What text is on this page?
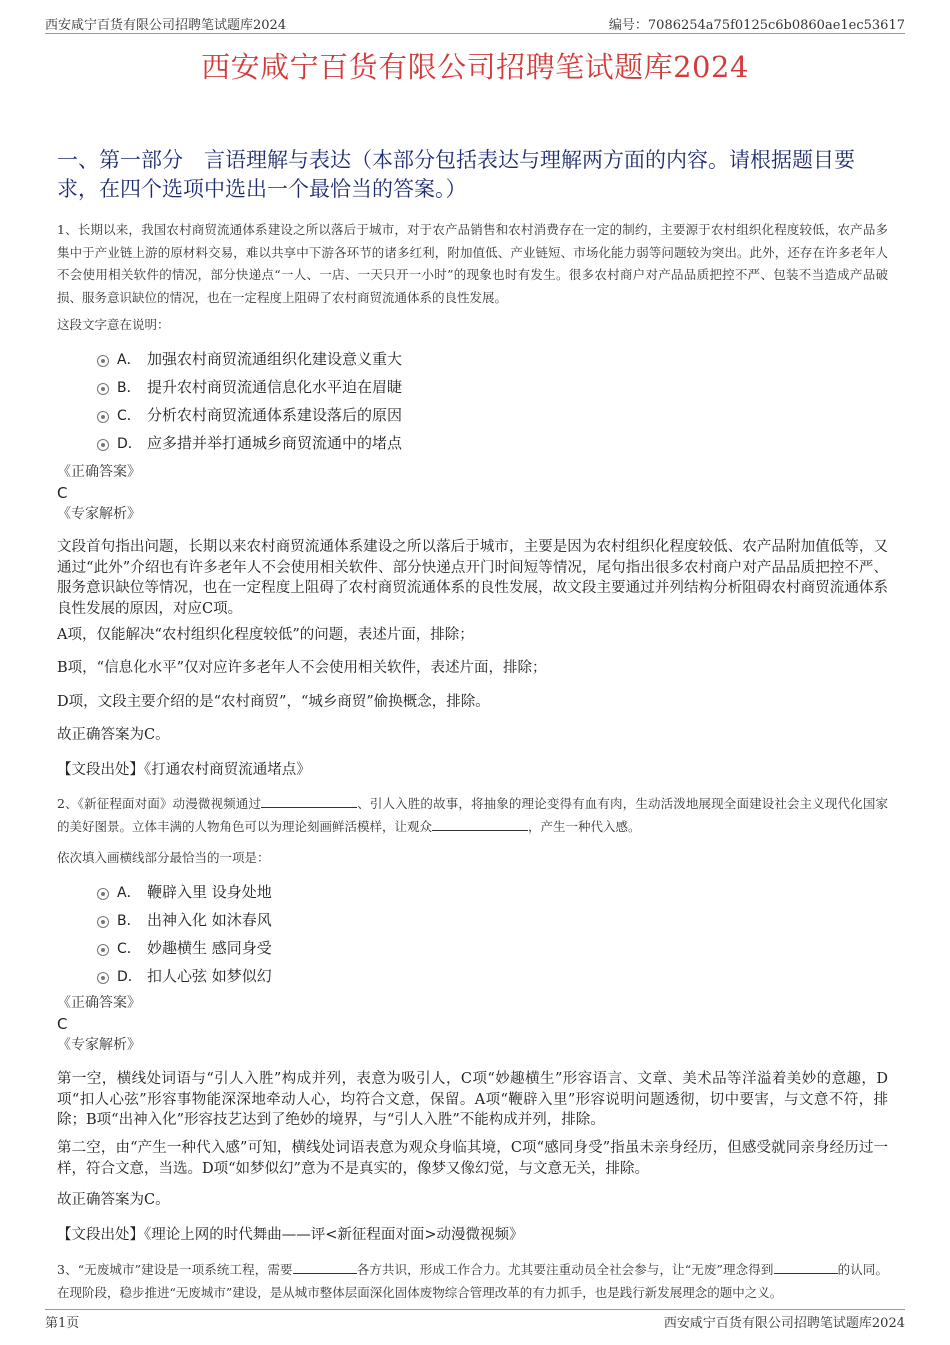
西安咸宁百货有限公司招聘笔试题库2024	编号：7086254a75f0125c6b0860ae1ec53617
西安咸宁百货有限公司招聘笔试题库2024
一、第一部分　言语理解与表达（本部分包括表达与理解两方面的内容。请根据题目要求，在四个选项中选出一个最恰当的答案。）

1、长期以来，我国农村商贸流通体系建设之所以落后于城市，对于农产品销售和农村消费存在一定的制约，主要源于农村组织化程度较低，农产品多集中于产业链上游的原材料交易，难以共享中下游各环节的诸多红利，附加值低、产业链短、市场化能力弱等问题较为突出。此外，还存在许多老年人不会使用相关软件的情况，部分快递点“一人、一店、一天只开一小时”的现象也时有发生。很多农村商户对产品品质把控不严、包装不当造成产品破损、服务意识缺位的情况，也在一定程度上阻碍了农村商贸流通体系的良性发展。

这段文字意在说明：

A． 加强农村商贸流通组织化建设意义重大
B． 提升农村商贸流通信息化水平迫在眉睫
C． 分析农村商贸流通体系建设落后的原因
D． 应多措并举打通城乡商贸流通中的堵点

《正确答案》

C

《专家解析》

文段首句指出问题，长期以来农村商贸流通体系建设之所以落后于城市，主要是因为农村组织化程度较低、农产品附加值低等，又通过“此外”介绍也有许多老年人不会使用相关软件、部分快递点开门时间短等情况，尾句指出很多农村商户对产品品质把控不严、服务意识缺位等情况，也在一定程度上阻碍了农村商贸流通体系的良性发展，故文段主要通过并列结构分析阻碍农村商贸流通体系良性发展的原因，对应C项。

A项，仅能解决“农村组织化程度较低”的问题，表述片面，排除；

B项，“信息化水平”仅对应许多老年人不会使用相关软件，表述片面，排除；

D项，文段主要介绍的是“农村商贸”，“城乡商贸”偷换概念，排除。

故正确答案为C。

【文段出处】《打通农村商贸流通堵点》

2、《新征程面对面》动漫微视频通过	、引人入胜的故事，将抽象的理论变得有血有肉，生动活泼地展现全面建设社会主义现代化国家的美好图景。立体丰满的人物角色可以为理论刻画鲜活模样，让观众	，产生一种代入感。

依次填入画横线部分最恰当的一项是：

A． 鞭辟入里 设身处地
B． 出神入化 如沐春风
C． 妙趣横生 感同身受
D． 扣人心弦 如梦似幻

《正确答案》

C

《专家解析》

第一空，横线处词语与“引人入胜”构成并列，表意为吸引人，C项“妙趣横生”形容语言、文章、美术品等洋溢着美妙的意趣，D项“扣人心弦”形容事物能深深地牵动人心，均符合文意，保留。A项“鞭辟入里”形容说明问题透彻，切中要害，与文意不符，排除；B项“出神入化”形容技艺达到了绝妙的境界，与“引人入胜”不能构成并列，排除。

第二空，由“产生一种代入感”可知，横线处词语表意为观众身临其境，C项“感同身受”指虽未亲身经历，但感受就同亲身经历过一样，符合文意，当选。D项“如梦似幻”意为不是真实的，像梦又像幻觉，与文意无关，排除。

故正确答案为C。

【文段出处】《理论上网的时代舞曲——评<新征程面对面>动漫微视频》

3、“无废城市”建设是一项系统工程，需要	各方共识，形成工作合力。尤其要注重动员全社会参与，让“无废”理念得到	的认同。在现阶段，稳步推进“无废城市”建设，是从城市整体层面深化固体废物综合管理改革的有力抓手，也是践行新发展理念的题中之义。

第1页	西安咸宁百货有限公司招聘笔试题库2024
